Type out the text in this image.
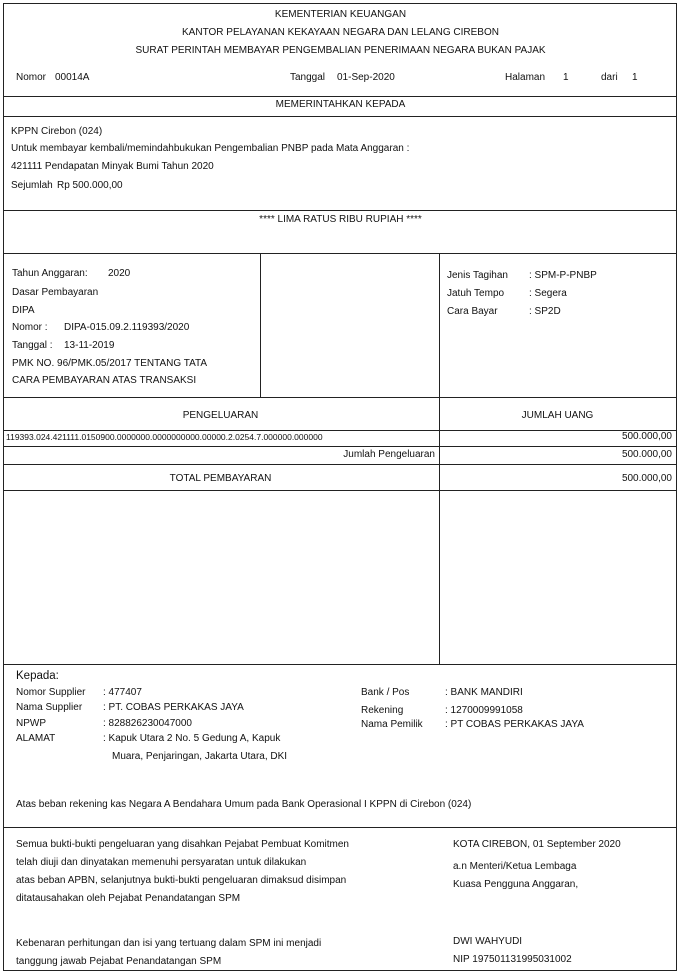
KEMENTERIAN KEUANGAN
KANTOR PELAYANAN KEKAYAAN NEGARA DAN LELANG CIREBON
SURAT PERINTAH MEMBAYAR PENGEMBALIAN PENERIMAAN NEGARA BUKAN PAJAK
Nomor 00014A	Tanggal 01-Sep-2020	Halaman 1	dari 1
MEMERINTAHKAN KEPADA
KPPN Cirebon (024)
Untuk membayar kembali/memindahbukukan Pengembalian PNBP pada Mata Anggaran :
421111 Pendapatan Minyak Bumi Tahun 2020
Sejumlah Rp 500.000,00
**** LIMA RATUS RIBU RUPIAH ****
Tahun Anggaran: 2020
Dasar Pembayaran
DIPA
Nomor : DIPA-015.09.2.119393/2020
Tanggal : 13-11-2019
PMK NO. 96/PMK.05/2017 TENTANG TATA
CARA PEMBAYARAN ATAS TRANSAKSI
Jenis Tagihan : SPM-P-PNBP
Jatuh Tempo : Segera
Cara Bayar	: SP2D
PENGELUARAN	JUMLAH UANG
119393.024.421111.0150900.0000000.0000000000.00000.2.0254.7.000000.000000	500.000,00
Jumlah Pengeluaran	500.000,00
TOTAL PEMBAYARAN	500.000,00
Kepada:
Nomor Supplier : 477407
Nama Supplier : PT. COBAS PERKAKAS JAYA
NPWP	: 828826230047000
ALAMAT	: Kapuk Utara 2 No. 5 Gedung A, Kapuk
Muara, Penjaringan, Jakarta Utara, DKI
Bank / Pos	: BANK MANDIRI
Rekening	: 1270009991058
Nama Pemilik : PT COBAS PERKAKAS JAYA
Atas beban rekening kas Negara A Bendahara Umum pada Bank Operasional I KPPN di Cirebon (024)
Semua bukti-bukti pengeluaran yang disahkan Pejabat Pembuat Komitmen
telah diuji dan dinyatakan memenuhi persyaratan untuk dilakukan
atas beban APBN, selanjutnya bukti-bukti pengeluaran dimaksud disimpan
ditatausahakan oleh Pejabat Penandatangan SPM
Kebenaran perhitungan dan isi yang tertuang dalam SPM ini menjadi
tanggung jawab Pejabat Penandatangan SPM
KOTA CIREBON, 01 September 2020
a.n Menteri/Ketua Lembaga
Kuasa Pengguna Anggaran,
DWI WAHYUDI
NIP 197501131995031002
